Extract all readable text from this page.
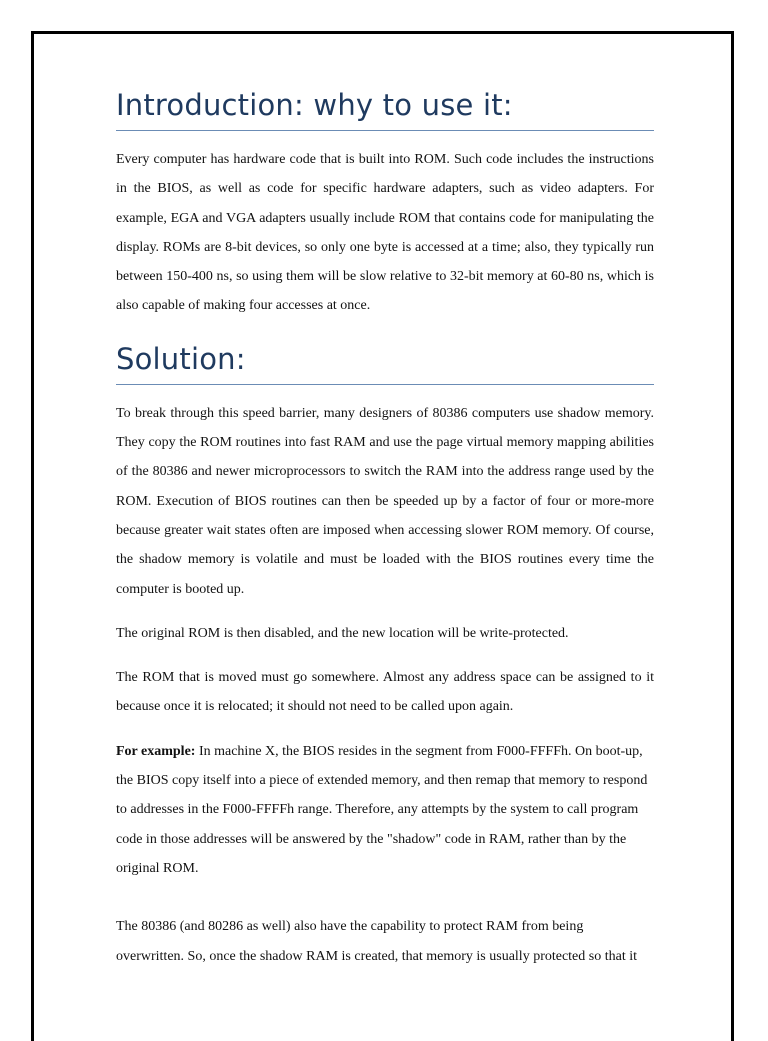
Introduction: why to use it:

Every computer has hardware code that is built into ROM. Such code includes the instructions in the BIOS, as well as code for specific hardware adapters, such as video adapters. For example, EGA and VGA adapters usually include ROM that contains code for manipulating the display. ROMs are 8-bit devices, so only one byte is accessed at a time; also, they typically run between 150-400 ns, so using them will be slow relative to 32-bit memory at 60-80 ns, which is also capable of making four accesses at once.

Solution:

To break through this speed barrier, many designers of 80386 computers use shadow memory. They copy the ROM routines into fast RAM and use the page virtual memory mapping abilities of the 80386 and newer microprocessors to switch the RAM into the address range used by the ROM. Execution of BIOS routines can then be speeded up by a factor of four or more-more because greater wait states often are imposed when accessing slower ROM memory. Of course, the shadow memory is volatile and must be loaded with the BIOS routines every time the computer is booted up.

The original ROM is then disabled, and the new location will be write-protected.

The ROM that is moved must go somewhere. Almost any address space can be assigned to it because once it is relocated; it should not need to be called upon again.

For example: In machine X, the BIOS resides in the segment from F000-FFFFh. On boot-up, the BIOS copy itself into a piece of extended memory, and then remap that memory to respond to addresses in the F000-FFFFh range. Therefore, any attempts by the system to call program code in those addresses will be answered by the "shadow" code in RAM, rather than by the original ROM.

The 80386 (and 80286 as well) also have the capability to protect RAM from being overwritten. So, once the shadow RAM is created, that memory is usually protected so that it
